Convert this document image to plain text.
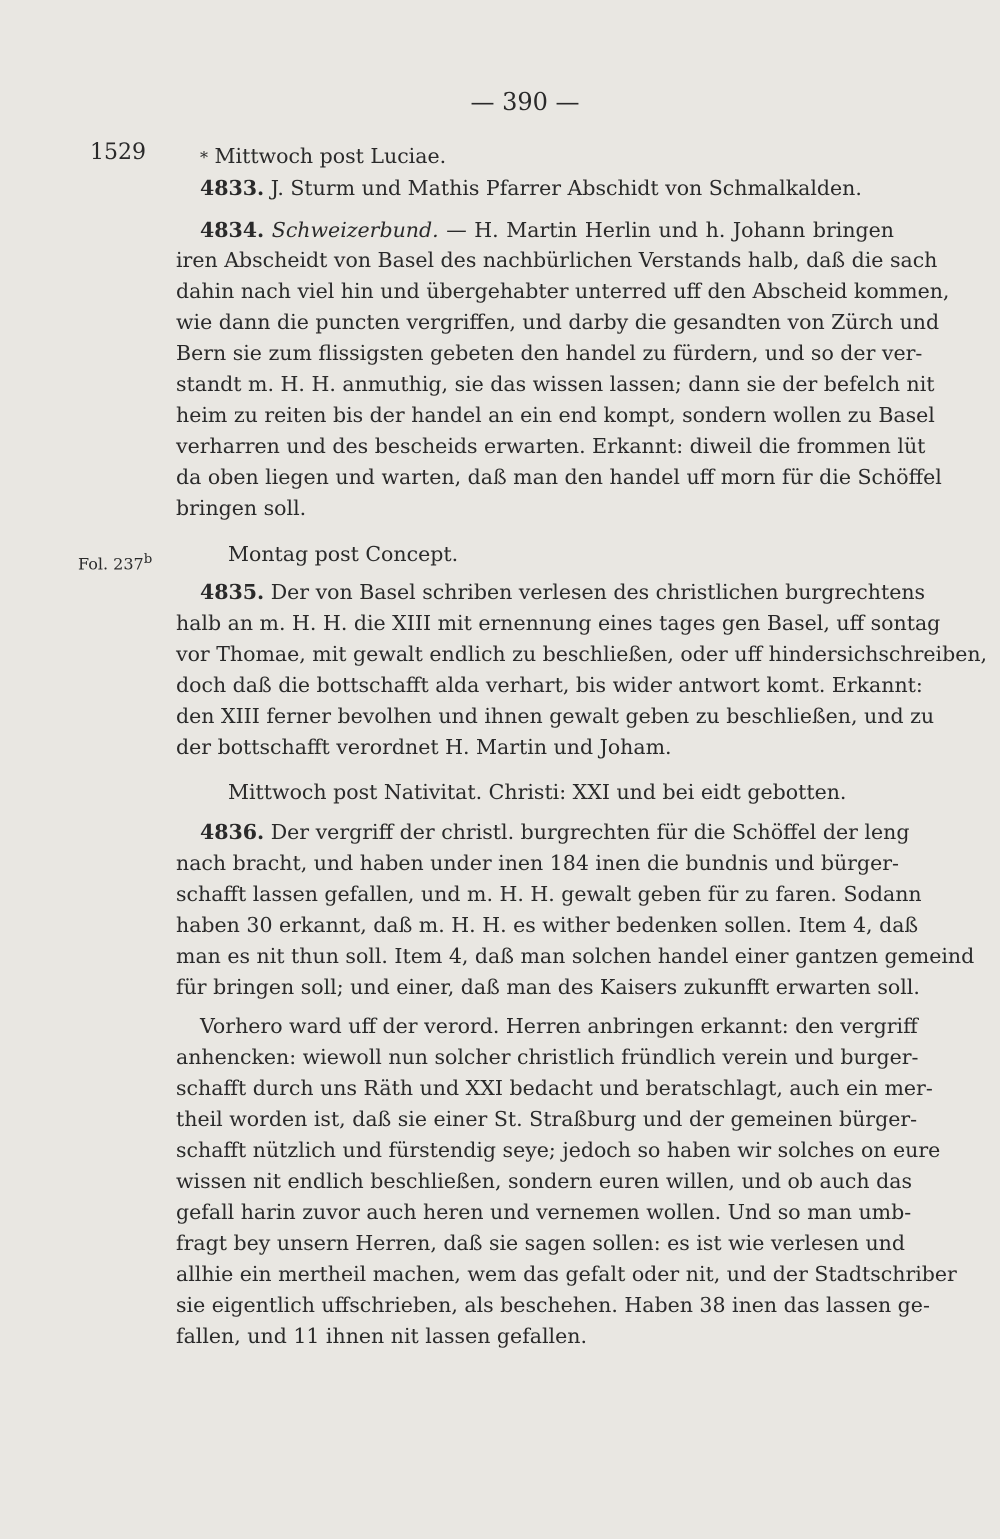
— 390 —
1529
Fol. 237$^b$
* Mittwoch post Luciae.
4833. J. Sturm und Mathis Pfarrer Abschidt von Schmalkalden.
4834. Schweizerbund. — H. Martin Herlin und h. Johann bringen
iren Abscheidt von Basel des nachbürlichen Verstands halb, daß die sach
dahin nach viel hin und übergehabter unterred uff den Abscheid kommen,
wie dann die puncten vergriffen, und darby die gesandten von Zürch und
Bern sie zum flissigsten gebeten den handel zu fürdern, und so der ver-
standt m. H. H. anmuthig, sie das wissen lassen; dann sie der befelch nit
heim zu reiten bis der handel an ein end kompt, sondern wollen zu Basel
verharren und des bescheids erwarten. Erkannt: diweil die frommen lüt
da oben liegen und warten, daß man den handel uff morn für die Schöffel
bringen soll.
Montag post Concept.
4835. Der von Basel schriben verlesen des christlichen burgrechtens
halb an m. H. H. die XIII mit ernennung eines tages gen Basel, uff sontag
vor Thomae, mit gewalt endlich zu beschließen, oder uff hindersichschreiben,
doch daß die bottschafft alda verhart, bis wider antwort komt. Erkannt:
den XIII ferner bevolhen und ihnen gewalt geben zu beschließen, und zu
der bottschafft verordnet H. Martin und Joham.
Mittwoch post Nativitat. Christi: XXI und bei eidt gebotten.
4836. Der vergriff der christl. burgrechten für die Schöffel der leng
nach bracht, und haben under inen 184 inen die bundnis und bürger-
schafft lassen gefallen, und m. H. H. gewalt geben für zu faren. Sodann
haben 30 erkannt, daß m. H. H. es wither bedenken sollen. Item 4, daß
man es nit thun soll. Item 4, daß man solchen handel einer gantzen gemeind
für bringen soll; und einer, daß man des Kaisers zukunfft erwarten soll.
Vorhero ward uff der verord. Herren anbringen erkannt: den vergriff
anhencken: wiewoll nun solcher christlich fründlich verein und burger-
schafft durch uns Räth und XXI bedacht und beratschlagt, auch ein mer-
theil worden ist, daß sie einer St. Straßburg und der gemeinen bürger-
schafft nützlich und fürstendig seye; jedoch so haben wir solches on eure
wissen nit endlich beschließen, sondern euren willen, und ob auch das
gefall harin zuvor auch heren und vernemen wollen. Und so man umb-
fragt bey unsern Herren, daß sie sagen sollen: es ist wie verlesen und
allhie ein mertheil machen, wem das gefalt oder nit, und der Stadtschriber
sie eigentlich uffschrieben, als beschehen. Haben 38 inen das lassen ge-
fallen, und 11 ihnen nit lassen gefallen.
